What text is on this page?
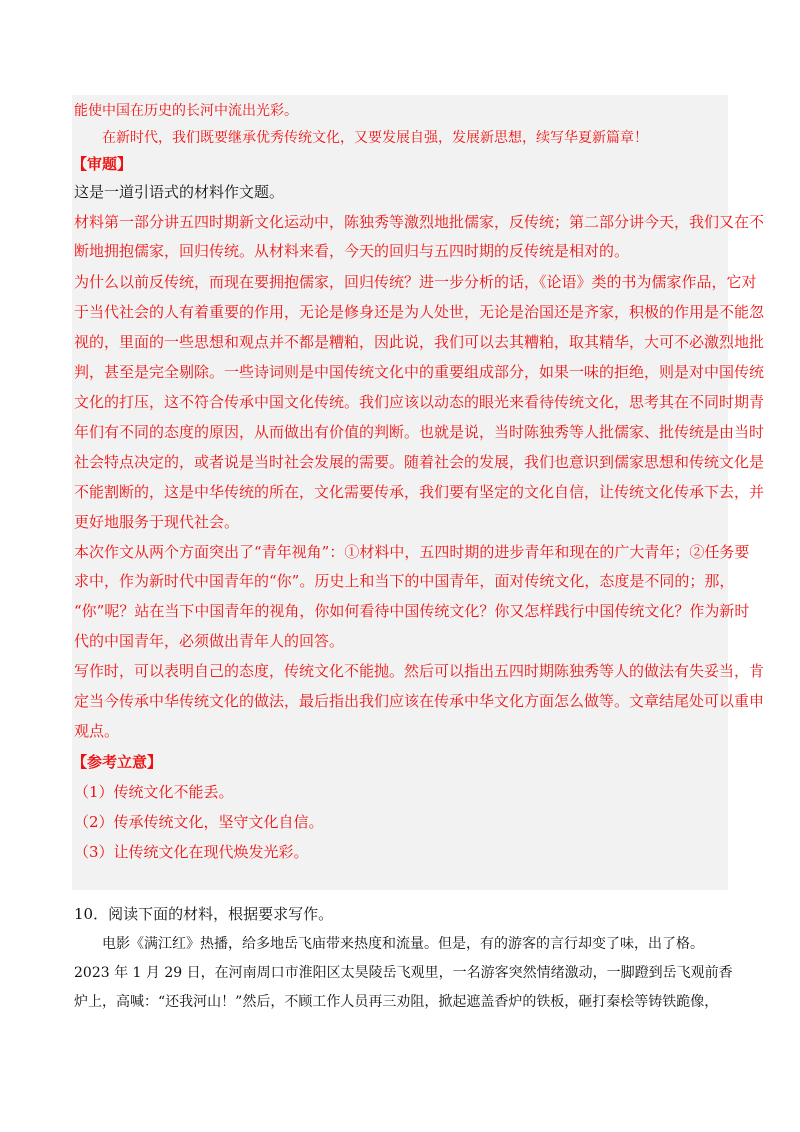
能使中国在历史的长河中流出光彩。
在新时代，我们既要继承优秀传统文化，又要发展自强，发展新思想，续写华夏新篇章！
【审题】
这是一道引语式的材料作文题。
材料第一部分讲五四时期新文化运动中，陈独秀等激烈地批儒家，反传统；第二部分讲今天，我们又在不
断地拥抱儒家，回归传统。从材料来看，今天的回归与五四时期的反传统是相对的。
为什么以前反传统，而现在要拥抱儒家，回归传统？进一步分析的话，《论语》类的书为儒家作品，它对
于当代社会的人有着重要的作用，无论是修身还是为人处世，无论是治国还是齐家，积极的作用是不能忽
视的，里面的一些思想和观点并不都是糟粕，因此说，我们可以去其糟粕，取其精华，大可不必激烈地批
判，甚至是完全剔除。一些诗词则是中国传统文化中的重要组成部分，如果一味的拒绝，则是对中国传统
文化的打压，这不符合传承中国文化传统。我们应该以动态的眼光来看待传统文化，思考其在不同时期青
年们有不同的态度的原因，从而做出有价值的判断。也就是说，当时陈独秀等人批儒家、批传统是由当时
社会特点决定的，或者说是当时社会发展的需要。随着社会的发展，我们也意识到儒家思想和传统文化是
不能割断的，这是中华传统的所在，文化需要传承，我们要有坚定的文化自信，让传统文化传承下去，并
更好地服务于现代社会。
本次作文从两个方面突出了“青年视角”：①材料中，五四时期的进步青年和现在的广大青年；②任务要
求中，作为新时代中国青年的“你”。历史上和当下的中国青年，面对传统文化，态度是不同的；那，
“你”呢？站在当下中国青年的视角，你如何看待中国传统文化？你又怎样践行中国传统文化？作为新时
代的中国青年，必须做出青年人的回答。
写作时，可以表明自己的态度，传统文化不能抛。然后可以指出五四时期陈独秀等人的做法有失妥当，肯
定当今传承中华传统文化的做法，最后指出我们应该在传承中华文化方面怎么做等。文章结尾处可以重申
观点。
【参考立意】
（1）传统文化不能丢。
（2）传承传统文化，坚守文化自信。
（3）让传统文化在现代焕发光彩。
10．阅读下面的材料，根据要求写作。
电影《满江红》热播，给多地岳飞庙带来热度和流量。但是，有的游客的言行却变了味，出了格。
2023 年 1 月 29 日，在河南周口市淮阳区太昊陵岳飞观里，一名游客突然情绪激动，一脚蹬到岳飞观前香
炉上，高喊：“还我河山！”然后，不顾工作人员再三劝阻，掀起遮盖香炉的铁板，砸打秦桧等铸铁跪像，
